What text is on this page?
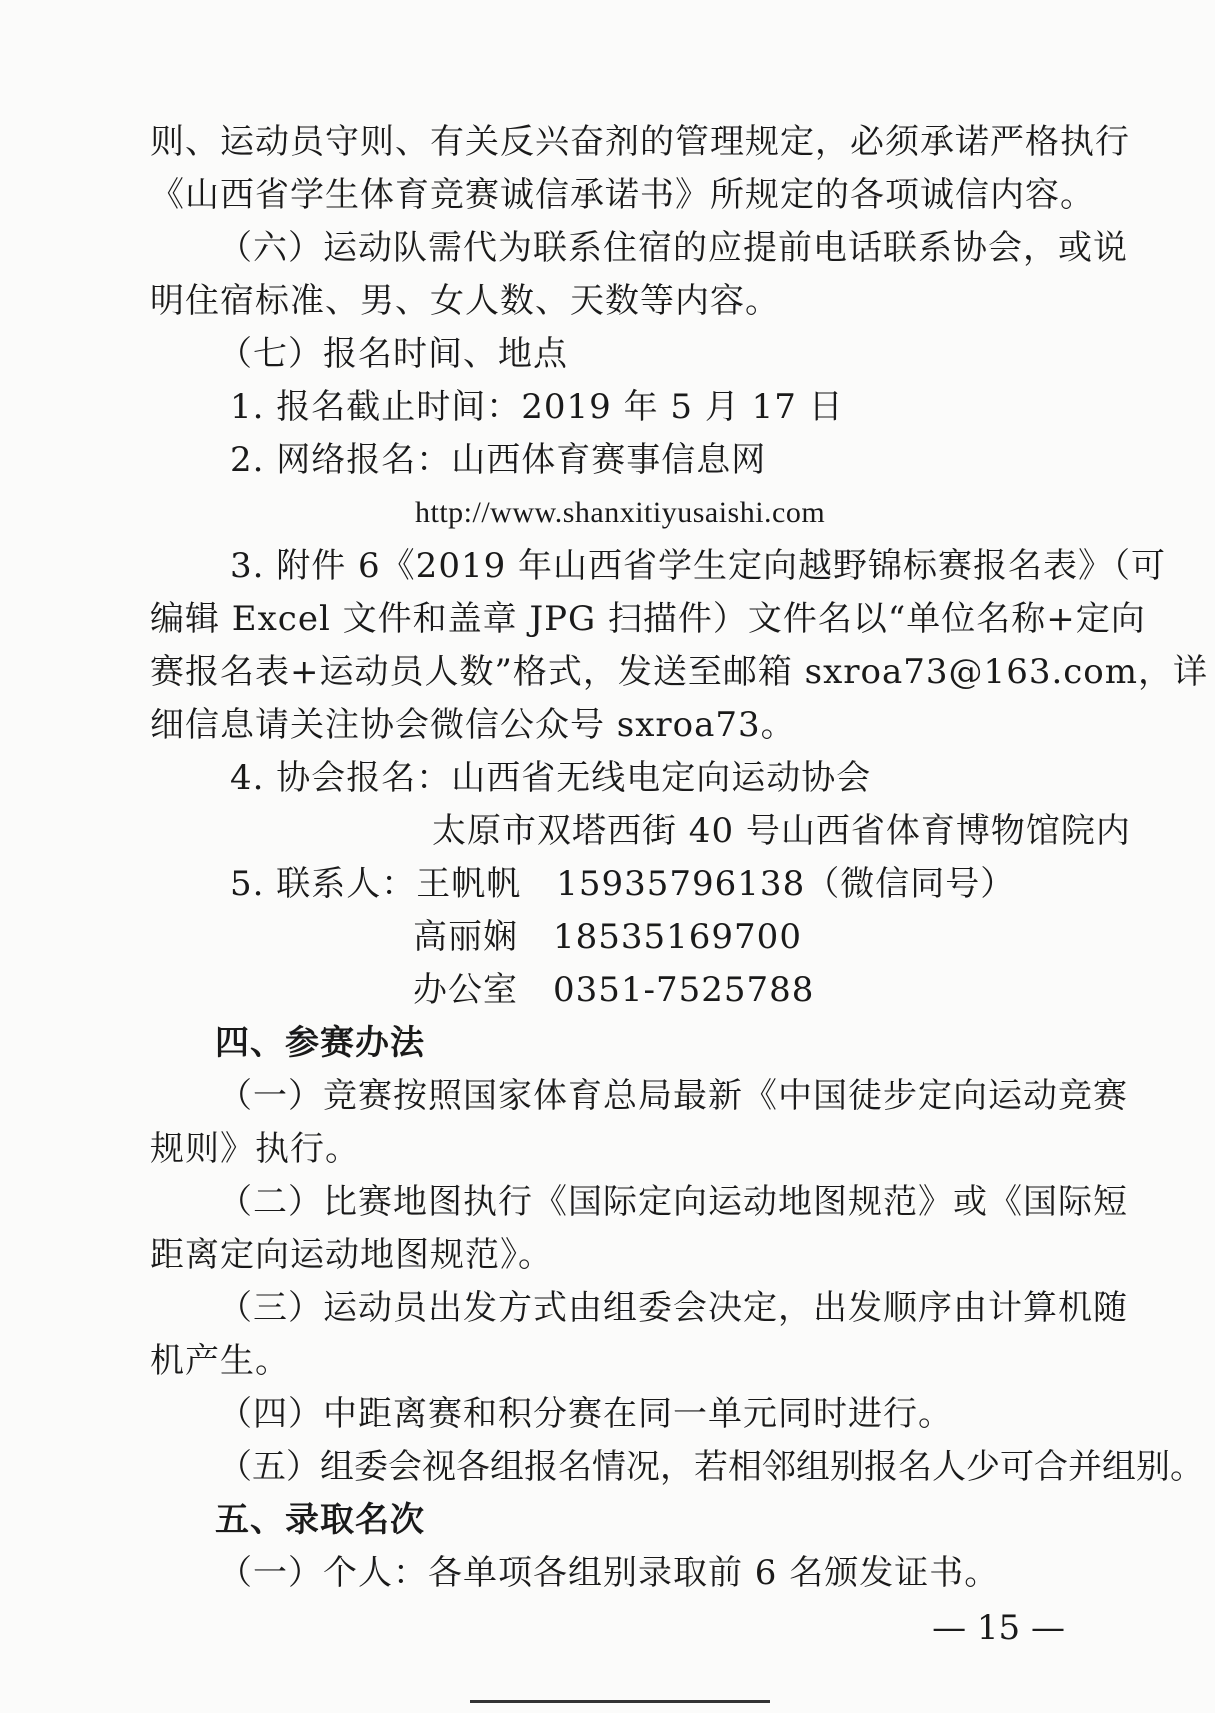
则、运动员守则、有关反兴奋剂的管理规定，必须承诺严格执行
《山西省学生体育竞赛诚信承诺书》所规定的各项诚信内容。
（六）运动队需代为联系住宿的应提前电话联系协会，或说
明住宿标准、男、女人数、天数等内容。
（七）报名时间、地点
1. 报名截止时间：2019 年 5 月 17 日
2. 网络报名：山西体育赛事信息网
http://www.shanxitiyusaishi.com
3. 附件 6《2019 年山西省学生定向越野锦标赛报名表》（可
编辑 Excel 文件和盖章 JPG 扫描件）文件名以“单位名称+定向
赛报名表+运动员人数”格式，发送至邮箱 sxroa73@163.com，详
细信息请关注协会微信公众号 sxroa73。
4. 协会报名：山西省无线电定向运动协会
太原市双塔西街 40 号山西省体育博物馆院内
5. 联系人：王帆帆　15935796138（微信同号）
高丽娴　18535169700
办公室　0351-7525788
四、参赛办法
（一）竞赛按照国家体育总局最新《中国徒步定向运动竞赛
规则》执行。
（二）比赛地图执行《国际定向运动地图规范》或《国际短
距离定向运动地图规范》。
（三）运动员出发方式由组委会决定，出发顺序由计算机随
机产生。
（四）中距离赛和积分赛在同一单元同时进行。
（五）组委会视各组报名情况，若相邻组别报名人少可合并组别。
五、录取名次
（一）个人：各单项各组别录取前 6 名颁发证书。
— 15 —
